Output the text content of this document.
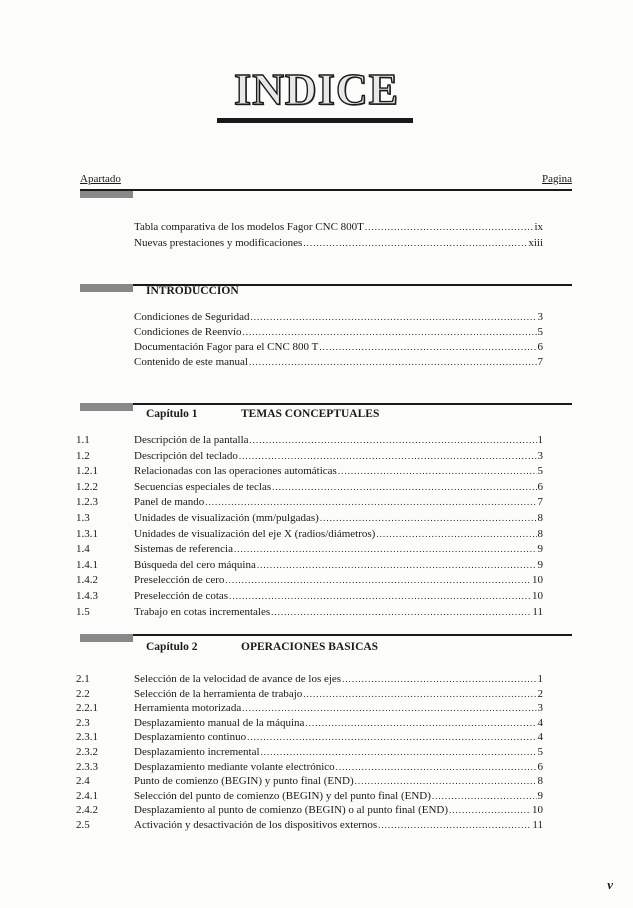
INDICE
Apartado	Pagina
Tabla comparativa de los modelos Fagor CNC 800T .....	ix
Nuevas prestaciones y modificaciones .....	xiii
INTRODUCCION
Condiciones de Seguridad .....	3
Condiciones de Reenvío .....	5
Documentación Fagor para el CNC 800 T .....	6
Contenido de este manual .....	7
Capítulo 1	TEMAS CONCEPTUALES
1.1	Descripción de la pantalla .....	1
1.2	Descripción del teclado .....	3
1.2.1	Relacionadas con las operaciones automáticas .....	5
1.2.2	Secuencias especiales de teclas .....	6
1.2.3	Panel de mando .....	7
1.3	Unidades de visualización (mm/pulgadas) .....	8
1.3.1	Unidades de visualización del eje X (radios/diámetros) .....	8
1.4	Sistemas de referencia .....	9
1.4.1	Búsqueda del cero máquina .....	9
1.4.2	Preselección de cero .....	10
1.4.3	Preselección de cotas .....	10
1.5	Trabajo en cotas incrementales .....	11
Capítulo 2	OPERACIONES BASICAS
2.1	Selección de la velocidad de avance de los ejes .....	1
2.2	Selección de la herramienta de trabajo .....	2
2.2.1	Herramienta motorizada .....	3
2.3	Desplazamiento manual de la máquina .....	4
2.3.1	Desplazamiento continuo .....	4
2.3.2	Desplazamiento incremental .....	5
2.3.3	Desplazamiento mediante volante electrónico .....	6
2.4	Punto de comienzo (BEGIN) y punto final (END) .....	8
2.4.1	Selección del punto de comienzo (BEGIN) y del punto final (END) .....	9
2.4.2	Desplazamiento al punto de comienzo (BEGIN) o al punto final (END) .....	10
2.5	Activación y desactivación de los dispositivos externos .....	11
v
